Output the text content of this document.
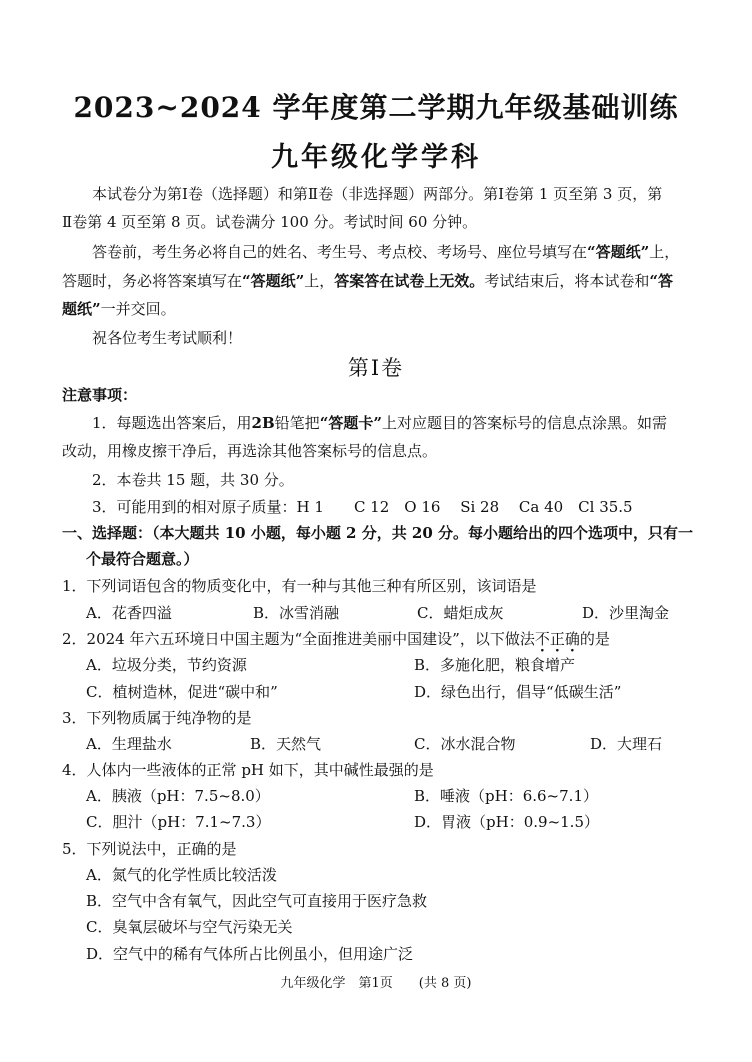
2023~2024 学年度第二学期九年级基础训练
九年级化学学科
本试卷分为第Ⅰ卷（选择题）和第Ⅱ卷（非选择题）两部分。第Ⅰ卷第 1 页至第 3 页，第
Ⅱ卷第 4 页至第 8 页。试卷满分 100 分。考试时间 60 分钟。
答卷前，考生务必将自己的姓名、考生号、考点校、考场号、座位号填写在“答题纸”上，
答题时，务必将答案填写在“答题纸”上，答案答在试卷上无效。考试结束后，将本试卷和“答
题纸”一并交回。
祝各位考生考试顺利！
第Ⅰ卷
注意事项：
1．每题选出答案后，用2B铅笔把“答题卡”上对应题目的答案标号的信息点涂黑。如需
改动，用橡皮擦干净后，再选涂其他答案标号的信息点。
2．本卷共 15 题，共 30 分。
3．可能用到的相对原子质量：H 1　　C 12　O 16　 Si 28　 Ca 40　Cl 35.5
一、选择题：（本大题共 10 小题，每小题 2 分，共 20 分。每小题给出的四个选项中，只有一
个最符合题意。）
1．下列词语包含的物质变化中，有一种与其他三种有所区别，该词语是
A．花香四溢	B．冰雪消融	C．蜡炬成灰	D．沙里淘金
2．2024 年六五环境日中国主题为“全面推进美丽中国建设”，以下做法不正确的是
A．垃圾分类，节约资源	B．多施化肥，粮食增产
C．植树造林，促进“碳中和”	D．绿色出行，倡导“低碳生活”
3．下列物质属于纯净物的是
A．生理盐水	B．天然气	C．冰水混合物	D．大理石
4．人体内一些液体的正常 pH 如下，其中碱性最强的是
A．胰液（pH：7.5~8.0）	B．唾液（pH：6.6~7.1）
C．胆汁（pH：7.1~7.3）	D．胃液（pH：0.9~1.5）
5．下列说法中，正确的是
A．氮气的化学性质比较活泼
B．空气中含有氧气，因此空气可直接用于医疗急救
C．臭氧层破坏与空气污染无关
D．空气中的稀有气体所占比例虽小，但用途广泛
九年级化学　第1页　　(共 8 页)
